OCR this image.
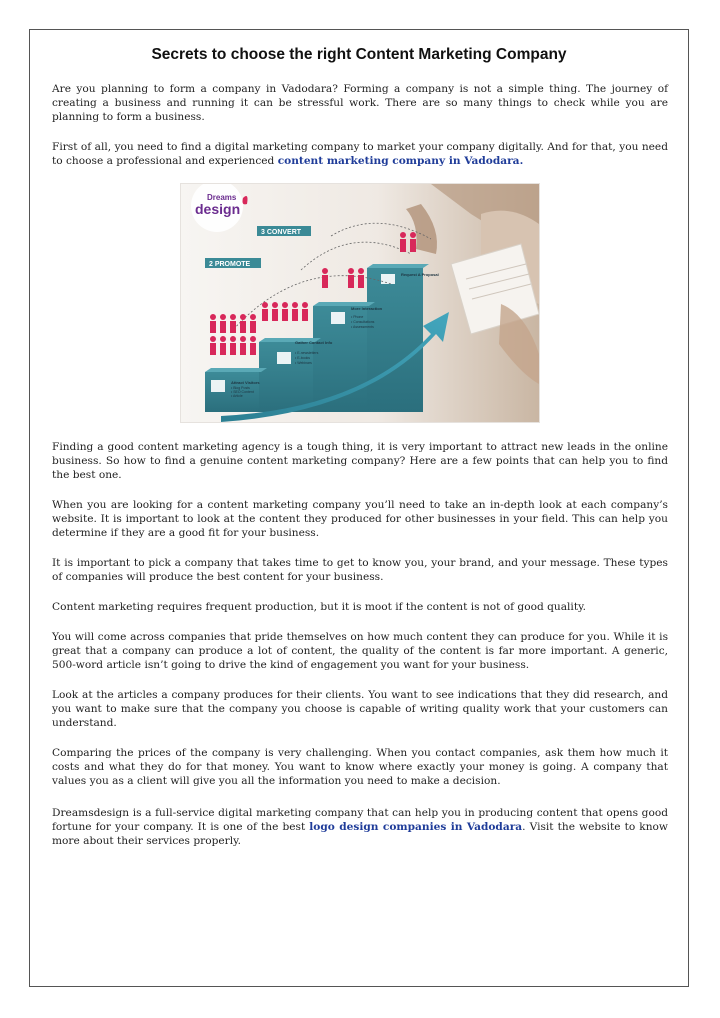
Secrets to choose the right Content Marketing Company

Are you planning to form a company in Vadodara? Forming a company is not a simple thing. The journey of creating a business and running it can be stressful work. There are so many things to check while you are planning to form a business.

First of all, you need to find a digital marketing company to market your company digitally. And for that, you need to choose a professional and experienced content marketing company in Vadodara.

Dreams
design
Attract Visitors
• Blog Posts
• SEO Content
• Article
Gather Contact Info
• E-newsletters
• E-books
• Webinars
More Interaction
• Phone
• Consultations
• Assessments
Request A Proposal
3 CONVERT
2 PROMOTE

Finding a good content marketing agency is a tough thing, it is very important to attract new leads in the online business. So how to find a genuine content marketing company? Here are a few points that can help you to find the best one.

When you are looking for a content marketing company you’ll need to take an in-depth look at each company’s website. It is important to look at the content they produced for other businesses in your field. This can help you determine if they are a good fit for your business.

It is important to pick a company that takes time to get to know you, your brand, and your message. These types of companies will produce the best content for your business.

Content marketing requires frequent production, but it is moot if the content is not of good quality.

You will come across companies that pride themselves on how much content they can produce for you. While it is great that a company can produce a lot of content, the quality of the content is far more important. A generic, 500-word article isn’t going to drive the kind of engagement you want for your business.

Look at the articles a company produces for their clients. You want to see indications that they did research, and you want to make sure that the company you choose is capable of writing quality work that your customers can understand.

Comparing the prices of the company is very challenging. When you contact companies, ask them how much it costs and what they do for that money. You want to know where exactly your money is going. A company that values you as a client will give you all the information you need to make a decision.

Dreamsdesign is a full-service digital marketing company that can help you in producing content that opens good fortune for your company. It is one of the best logo design companies in Vadodara. Visit the website to know more about their services properly.
